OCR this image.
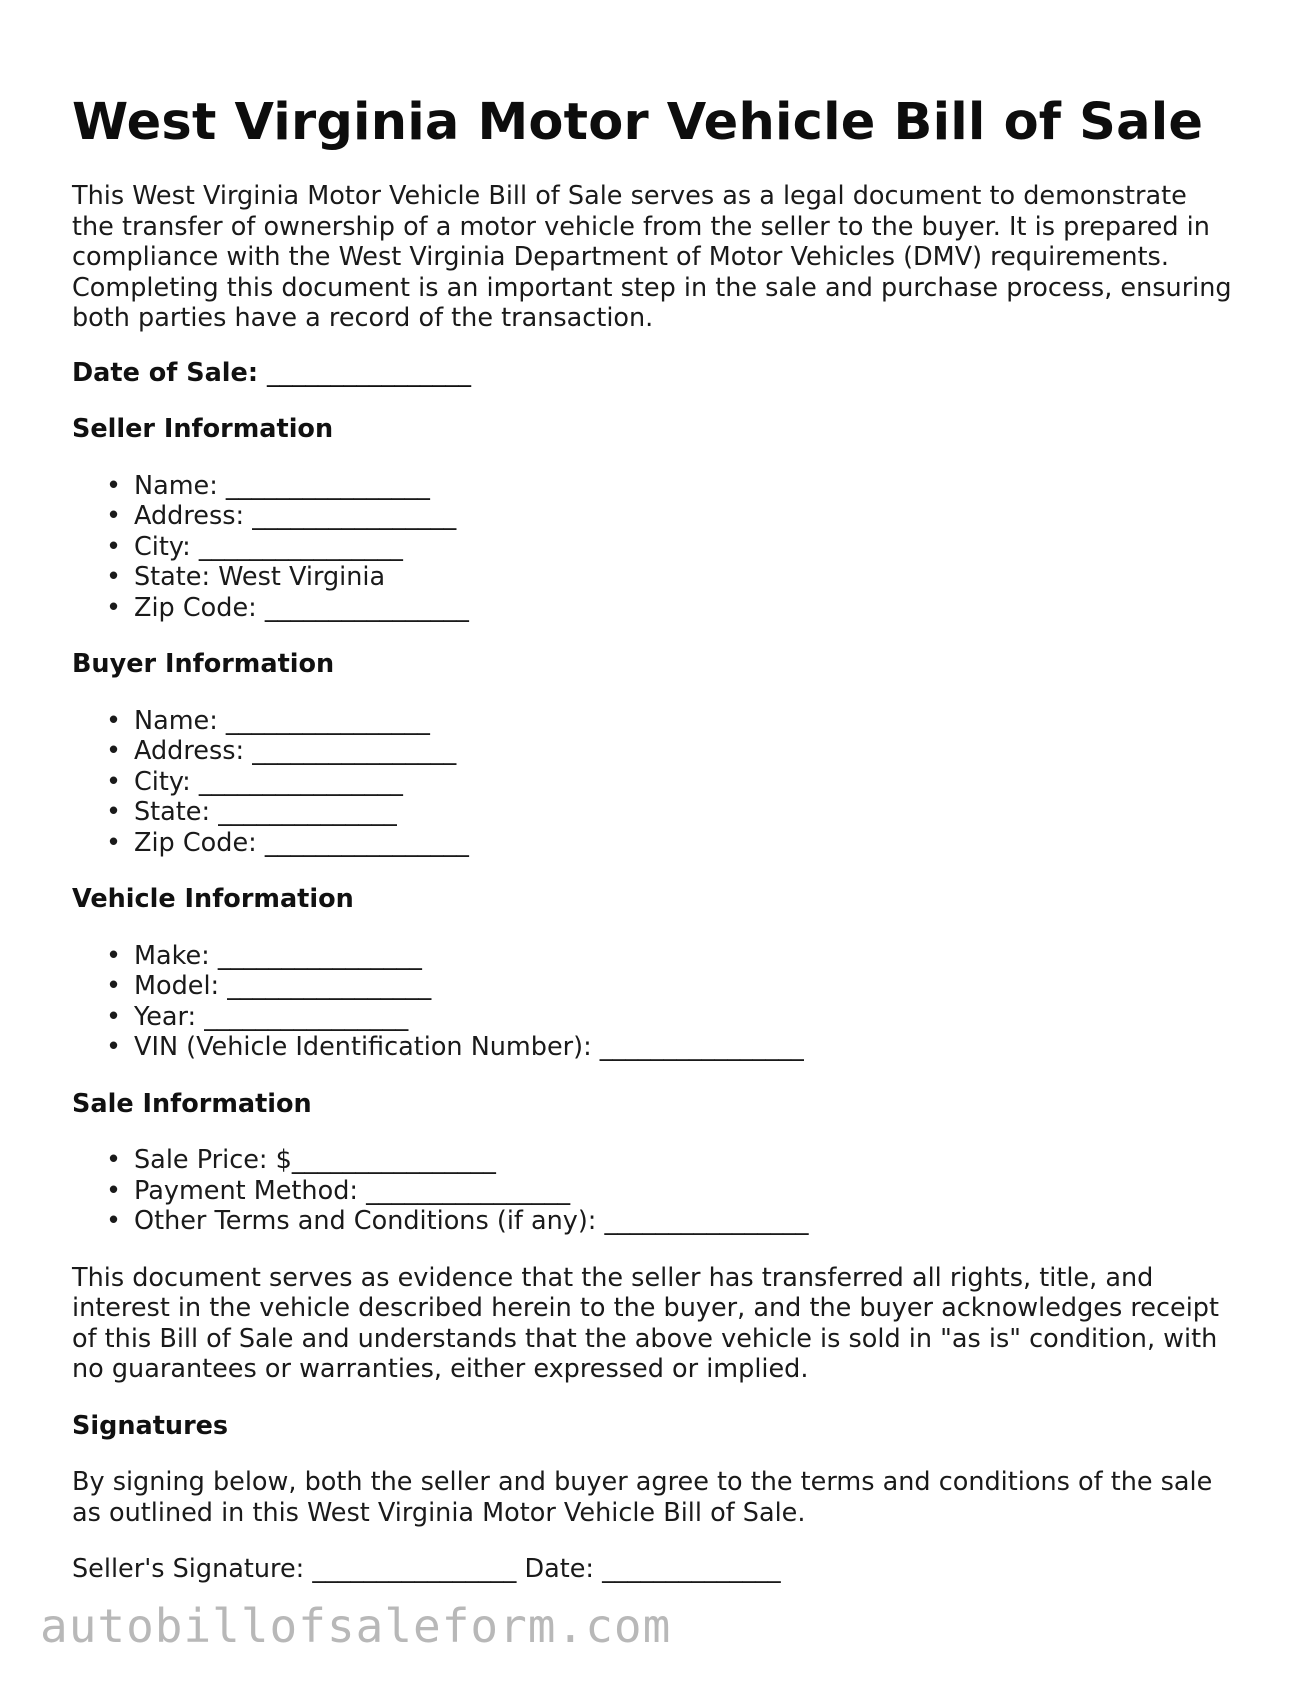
West Virginia Motor Vehicle Bill of Sale

This West Virginia Motor Vehicle Bill of Sale serves as a legal document to demonstrate the transfer of ownership of a motor vehicle from the seller to the buyer. It is prepared in compliance with the West Virginia Department of Motor Vehicles (DMV) requirements. Completing this document is an important step in the sale and purchase process, ensuring both parties have a record of the transaction.

Date of Sale: ________________
Seller Information
• Name: ________________
• Address: ________________
• City: ________________
• State: West Virginia
• Zip Code: ________________
Buyer Information
• Name: ________________
• Address: ________________
• City: ________________
• State: ______________
• Zip Code: ________________
Vehicle Information
• Make: ________________
• Model: ________________
• Year: ________________
• VIN (Vehicle Identification Number): ________________
Sale Information
• Sale Price: $________________
• Payment Method: ________________
• Other Terms and Conditions (if any): ________________

This document serves as evidence that the seller has transferred all rights, title, and interest in the vehicle described herein to the buyer, and the buyer acknowledges receipt of this Bill of Sale and understands that the above vehicle is sold in "as is" condition, with no guarantees or warranties, either expressed or implied.

Signatures

By signing below, both the seller and buyer agree to the terms and conditions of the sale as outlined in this West Virginia Motor Vehicle Bill of Sale.

Seller's Signature: ________________ Date: ______________
autobillofsaleform.com
